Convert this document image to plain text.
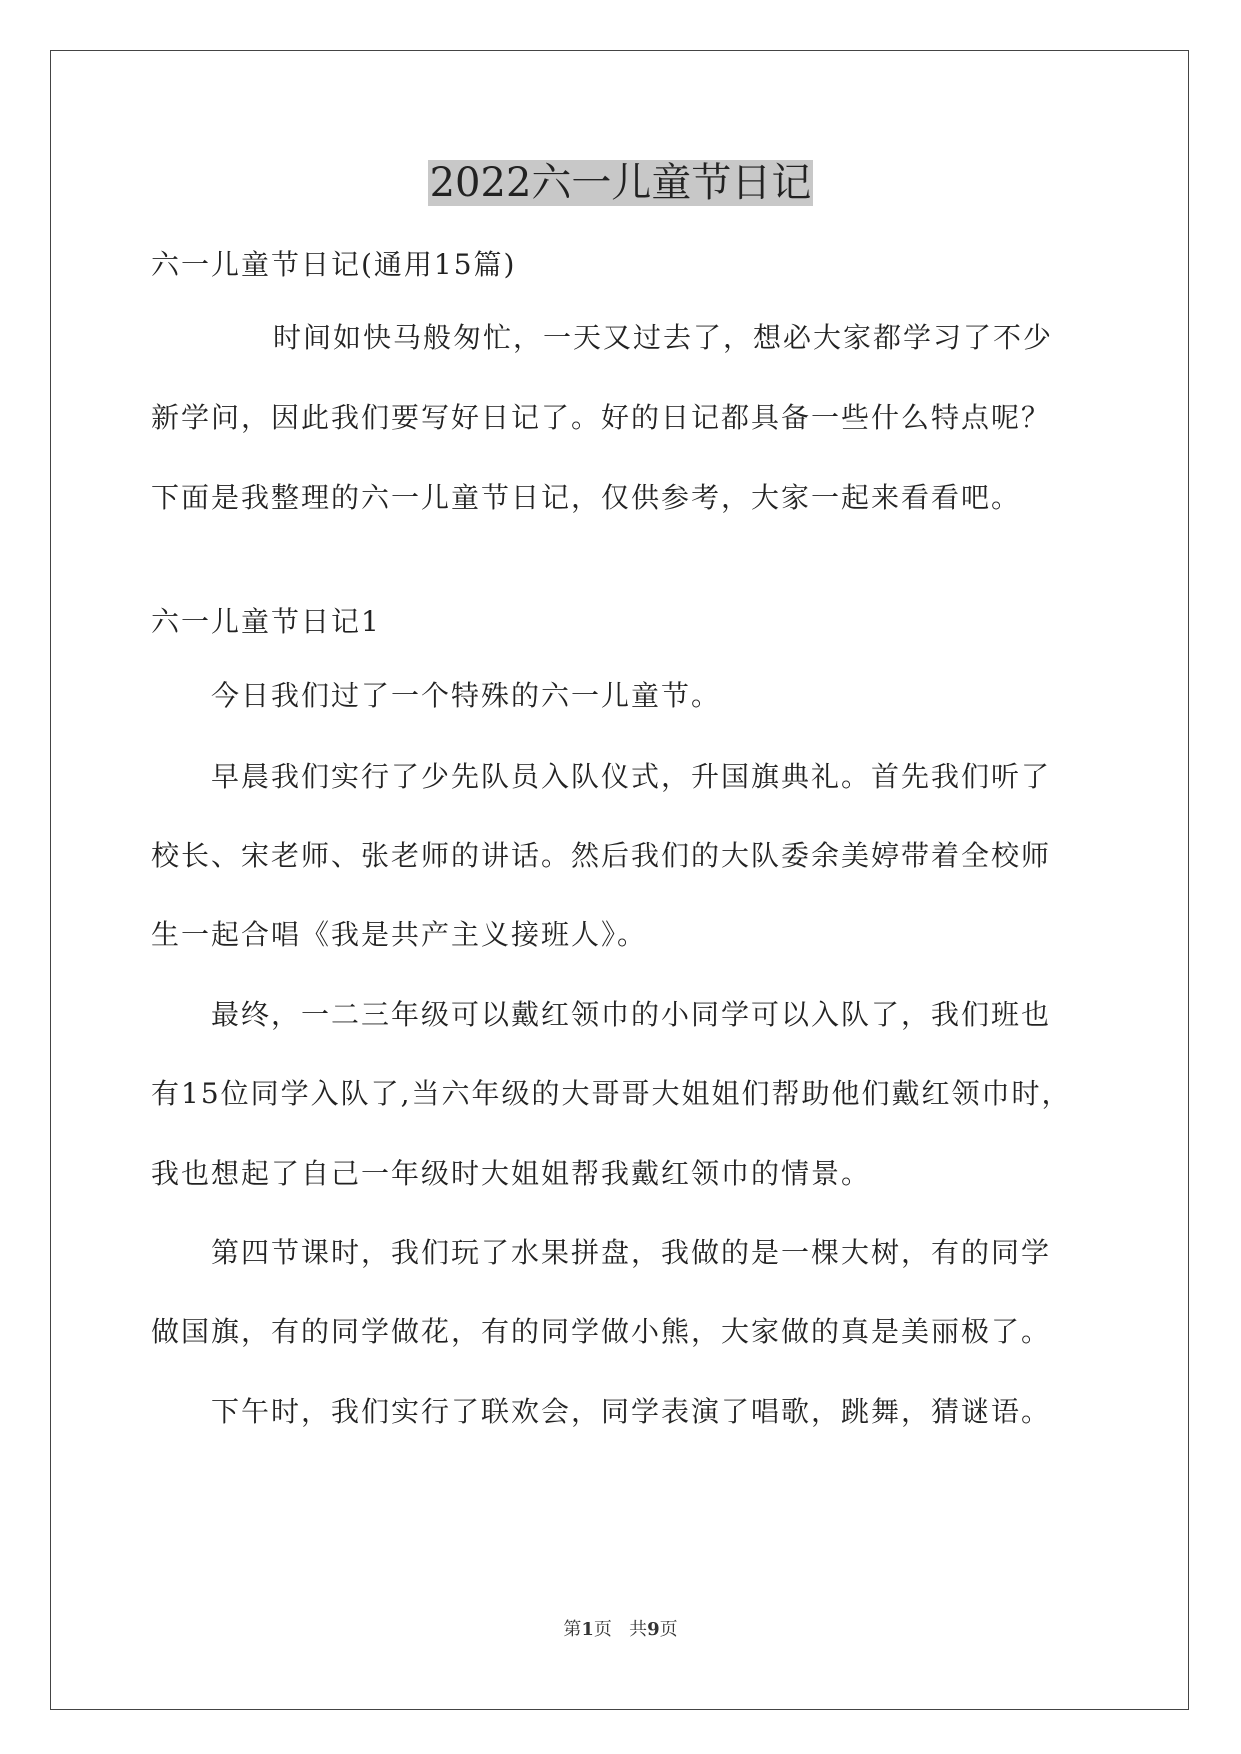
2022六一儿童节日记
六一儿童节日记(通用15篇)
时间如快马般匆忙，一天又过去了，想必大家都学习了不少
新学问，因此我们要写好日记了。好的日记都具备一些什么特点呢？
下面是我整理的六一儿童节日记，仅供参考，大家一起来看看吧。
六一儿童节日记1
今日我们过了一个特殊的六一儿童节。
早晨我们实行了少先队员入队仪式，升国旗典礼。首先我们听了
校长、宋老师、张老师的讲话。然后我们的大队委余美婷带着全校师
生一起合唱《我是共产主义接班人》。
最终，一二三年级可以戴红领巾的小同学可以入队了，我们班也
有15位同学入队了,当六年级的大哥哥大姐姐们帮助他们戴红领巾时，
我也想起了自己一年级时大姐姐帮我戴红领巾的情景。
第四节课时，我们玩了水果拼盘，我做的是一棵大树，有的同学
做国旗，有的同学做花，有的同学做小熊，大家做的真是美丽极了。
下午时，我们实行了联欢会，同学表演了唱歌，跳舞，猜谜语。
第1页 共9页
